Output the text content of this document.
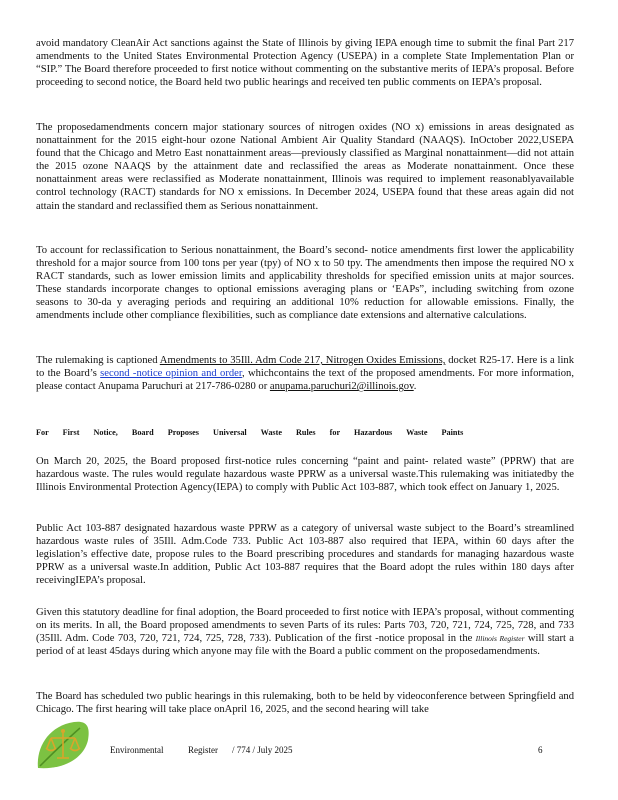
avoid mandatory CleanAir Act sanctions against the State of Illinois by giving IEPA enough time to submit the final Part 217 amendments to the United States Environmental Protection Agency (USEPA) in a complete State Implementation Plan or “SIP.” The Board therefore proceeded to first notice without commenting on the substantive merits of IEPA’s proposal. Before proceeding to second notice, the Board held two public hearings and received ten public comments on IEPA’s proposal.

The proposedamendments concern major stationary sources of nitrogen oxides (NO x) emissions in areas designated as nonattainment for the 2015 eight-hour ozone National Ambient Air Quality Standard (NAAQS). InOctober 2022,USEPA found that the Chicago and Metro East nonattainment areas—previously classified as Marginal nonattainment—did not attain the 2015 ozone NAAQS by the attainment date and reclassified the areas as Moderate nonattainment. Once these nonattainment areas were reclassified as Moderate nonattainment, Illinois was required to implement reasonablyavailable control technology (RACT) standards for NO x emissions. In December 2024, USEPA found that these areas again did not attain the standard and reclassified them as Serious nonattainment.

To account for reclassification to Serious nonattainment, the Board’s second- notice amendments first lower the applicability threshold for a major source from 100 tons per year (tpy) of NO x to 50 tpy. The amendments then impose the required NO x RACT standards, such as lower emission limits and applicability thresholds for specified emission units at major sources. These standards incorporate changes to optional emissions averaging plans or ‘EAPs”, including switching from ozone seasons to 30-da y averaging periods and requiring an additional 10% reduction for allowable emissions. Finally, the amendments include other compliance flexibilities, such as compliance date extensions and alternative calculations.

The rulemaking is captioned Amendments to 35Ill. Adm Code 217, Nitrogen Oxides Emissions, docket R25-17. Here is a link to the Board’s second -notice opinion and order, whichcontains the text of the proposed amendments. For more information, please contact Anupama Paruchuri at 217-786-0280 or anupama.paruchuri2@illinois.gov.

For First Notice, Board Proposes Universal Waste Rules for Hazardous Waste Paints

On March 20, 2025, the Board proposed first-notice rules concerning “paint and paint- related waste” (PPRW) that are hazardous waste. The rules would regulate hazardous waste PPRW as a universal waste.This rulemaking was initiatedby the Illinois Environmental Protection Agency(IEPA) to comply with Public Act 103-887, which took effect on January 1, 2025.

Public Act 103-887 designated hazardous waste PPRW as a category of universal waste subject to the Board’s streamlined hazardous waste rules of 35Ill. Adm.Code 733. Public Act 103-887 also required that IEPA, within 60 days after the legislation’s effective date, propose rules to the Board prescribing procedures and standards for managing hazardous waste PPRW as a universal waste.In addition, Public Act 103-887 requires that the Board adopt the rules within 180 days after receivingIEPA’s proposal.

Given this statutory deadline for final adoption, the Board proceeded to first notice with IEPA’s proposal, without commenting on its merits. In all, the Board proposed amendments to seven Parts of its rules: Parts 703, 720, 721, 724, 725, 728, and 733 (35Ill. Adm. Code 703, 720, 721, 724, 725, 728, 733). Publication of the first -notice proposal in the Illinois Register will start a period of at least 45days during which anyone may file with the Board a public comment on the proposedamendments.

The Board has scheduled two public hearings in this rulemaking, both to be held by videoconference between Springfield and Chicago. The first hearing will take place onApril 16, 2025, and the second hearing will take

Environmental	Register / 774 / July 2025	6
